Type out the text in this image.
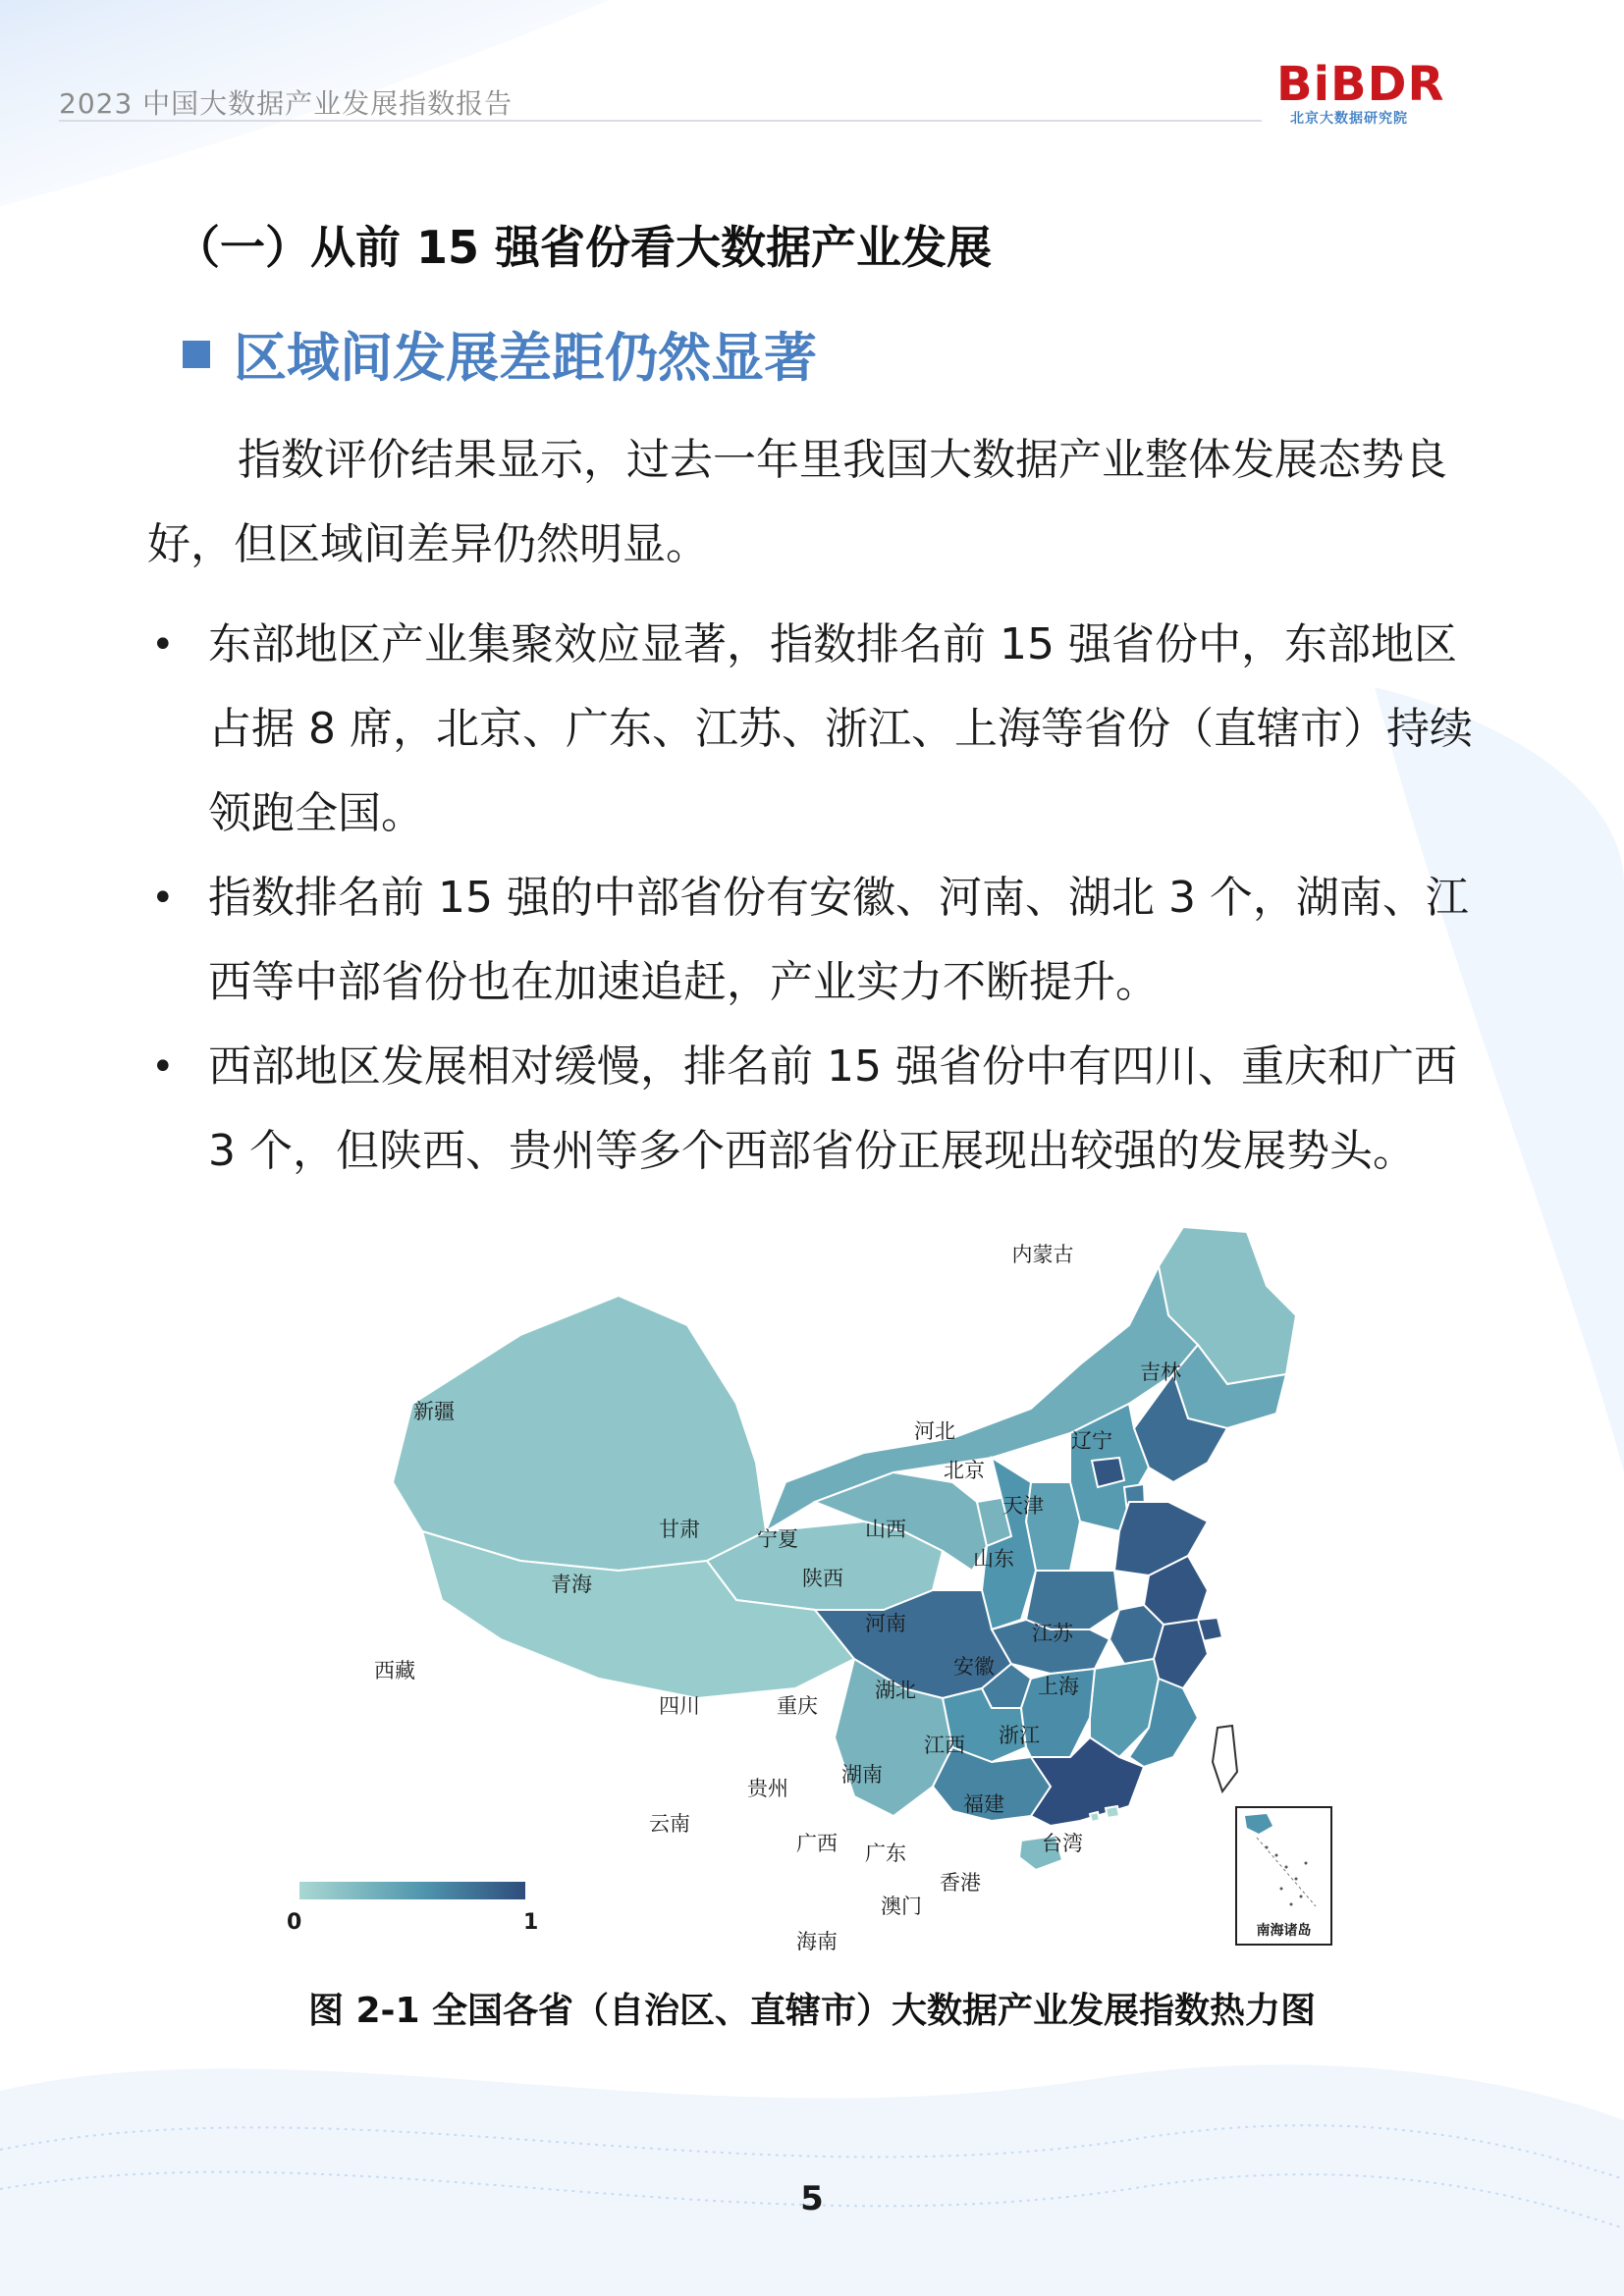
2023 中国大数据产业发展指数报告	BiBDR
北京大数据研究院
（一）从前 15 强省份看大数据产业发展
区域间发展差距仍然显著
指数评价结果显示，过去一年里我国大数据产业整体发展态势良好，但区域间差异仍然明显。
• 东部地区产业集聚效应显著，指数排名前 15 强省份中，东部地区占据 8 席，北京、广东、江苏、浙江、上海等省份（直辖市）持续领跑全国。
• 指数排名前 15 强的中部省份有安徽、河南、湖北 3 个，湖南、江西等中部省份也在加速追赶，产业实力不断提升。
• 西部地区发展相对缓慢，排名前 15 强省份中有四川、重庆和广西 3 个，但陕西、贵州等多个西部省份正展现出较强的发展势头。
内蒙古
吉林
新疆
河北
北京
辽宁
天津
甘肃	宁夏	山西
山东
青海	陕西
河南	江苏
西藏
四川	重庆
湖北
安徽
上海
浙江
江西
贵州
湖南
云南
福建
广西 广东	台湾
香港
澳门
海南	南海诸岛
0	1
图 2-1 全国各省（自治区、直辖市）大数据产业发展指数热力图
5
